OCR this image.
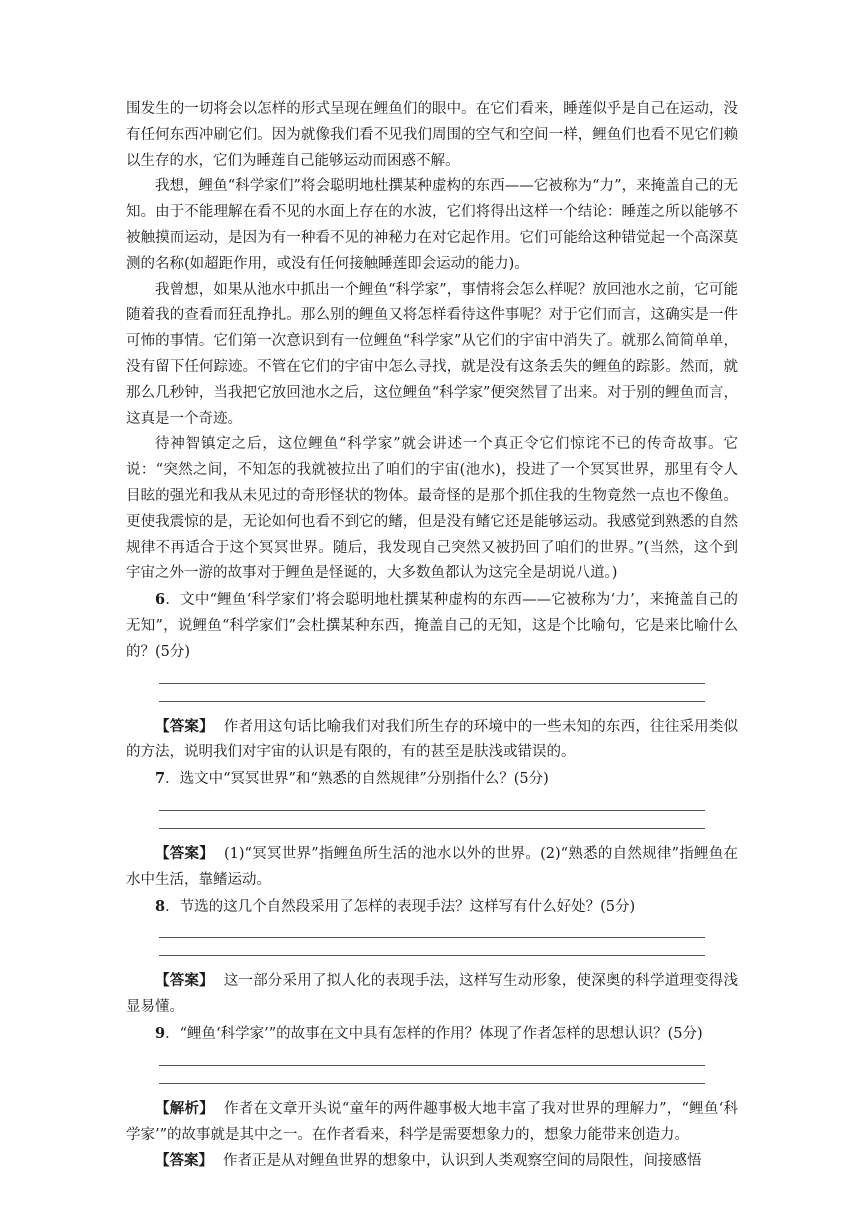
围发生的一切将会以怎样的形式呈现在鲤鱼们的眼中。在它们看来，睡莲似乎是自己在运动，没有任何东西冲刷它们。因为就像我们看不见我们周围的空气和空间一样，鲤鱼们也看不见它们赖以生存的水，它们为睡莲自己能够运动而困惑不解。

我想，鲤鱼“科学家们”将会聪明地杜撰某种虚构的东西——它被称为“力”，来掩盖自己的无知。由于不能理解在看不见的水面上存在的水波，它们将得出这样一个结论：睡莲之所以能够不被触摸而运动，是因为有一种看不见的神秘力在对它起作用。它们可能给这种错觉起一个高深莫测的名称(如超距作用，或没有任何接触睡莲即会运动的能力)。

我曾想，如果从池水中抓出一个鲤鱼“科学家”，事情将会怎么样呢？放回池水之前，它可能随着我的查看而狂乱挣扎。那么别的鲤鱼又将怎样看待这件事呢？对于它们而言，这确实是一件可怖的事情。它们第一次意识到有一位鲤鱼“科学家”从它们的宇宙中消失了。就那么简简单单，没有留下任何踪迹。不管在它们的宇宙中怎么寻找，就是没有这条丢失的鲤鱼的踪影。然而，就那么几秒钟，当我把它放回池水之后，这位鲤鱼“科学家”便突然冒了出来。对于别的鲤鱼而言，这真是一个奇迹。

待神智镇定之后，这位鲤鱼“科学家”就会讲述一个真正令它们惊诧不已的传奇故事。它说：“突然之间，不知怎的我就被拉出了咱们的宇宙(池水)，投进了一个冥冥世界，那里有令人目眩的强光和我从未见过的奇形怪状的物体。最奇怪的是那个抓住我的生物竟然一点也不像鱼。更使我震惊的是，无论如何也看不到它的鳍，但是没有鳍它还是能够运动。我感觉到熟悉的自然规律不再适合于这个冥冥世界。随后，我发现自己突然又被扔回了咱们的世界。”(当然，这个到宇宙之外一游的故事对于鲤鱼是怪诞的，大多数鱼都认为这完全是胡说八道。)

6．文中“鲤鱼‘科学家们’将会聪明地杜撰某种虚构的东西——它被称为‘力’，来掩盖自己的无知”，说鲤鱼“科学家们”会杜撰某种东西，掩盖自己的无知，这是个比喻句，它是来比喻什么的？(5分)

【答案】 作者用这句话比喻我们对我们所生存的环境中的一些未知的东西，往往采用类似的方法，说明我们对宇宙的认识是有限的，有的甚至是肤浅或错误的。

7．选文中“冥冥世界”和“熟悉的自然规律”分别指什么？(5分)

【答案】 (1)“冥冥世界”指鲤鱼所生活的池水以外的世界。(2)“熟悉的自然规律”指鲤鱼在水中生活，靠鳍运动。

8．节选的这几个自然段采用了怎样的表现手法？这样写有什么好处？(5分)

【答案】 这一部分采用了拟人化的表现手法，这样写生动形象，使深奥的科学道理变得浅显易懂。

9．“鲤鱼‘科学家’”的故事在文中具有怎样的作用？体现了作者怎样的思想认识？(5分)

【解析】 作者在文章开头说“童年的两件趣事极大地丰富了我对世界的理解力”，“鲤鱼‘科学家’”的故事就是其中之一。在作者看来，科学是需要想象力的，想象力能带来创造力。

【答案】 作者正是从对鲤鱼世界的想象中，认识到人类观察空间的局限性，间接感悟
